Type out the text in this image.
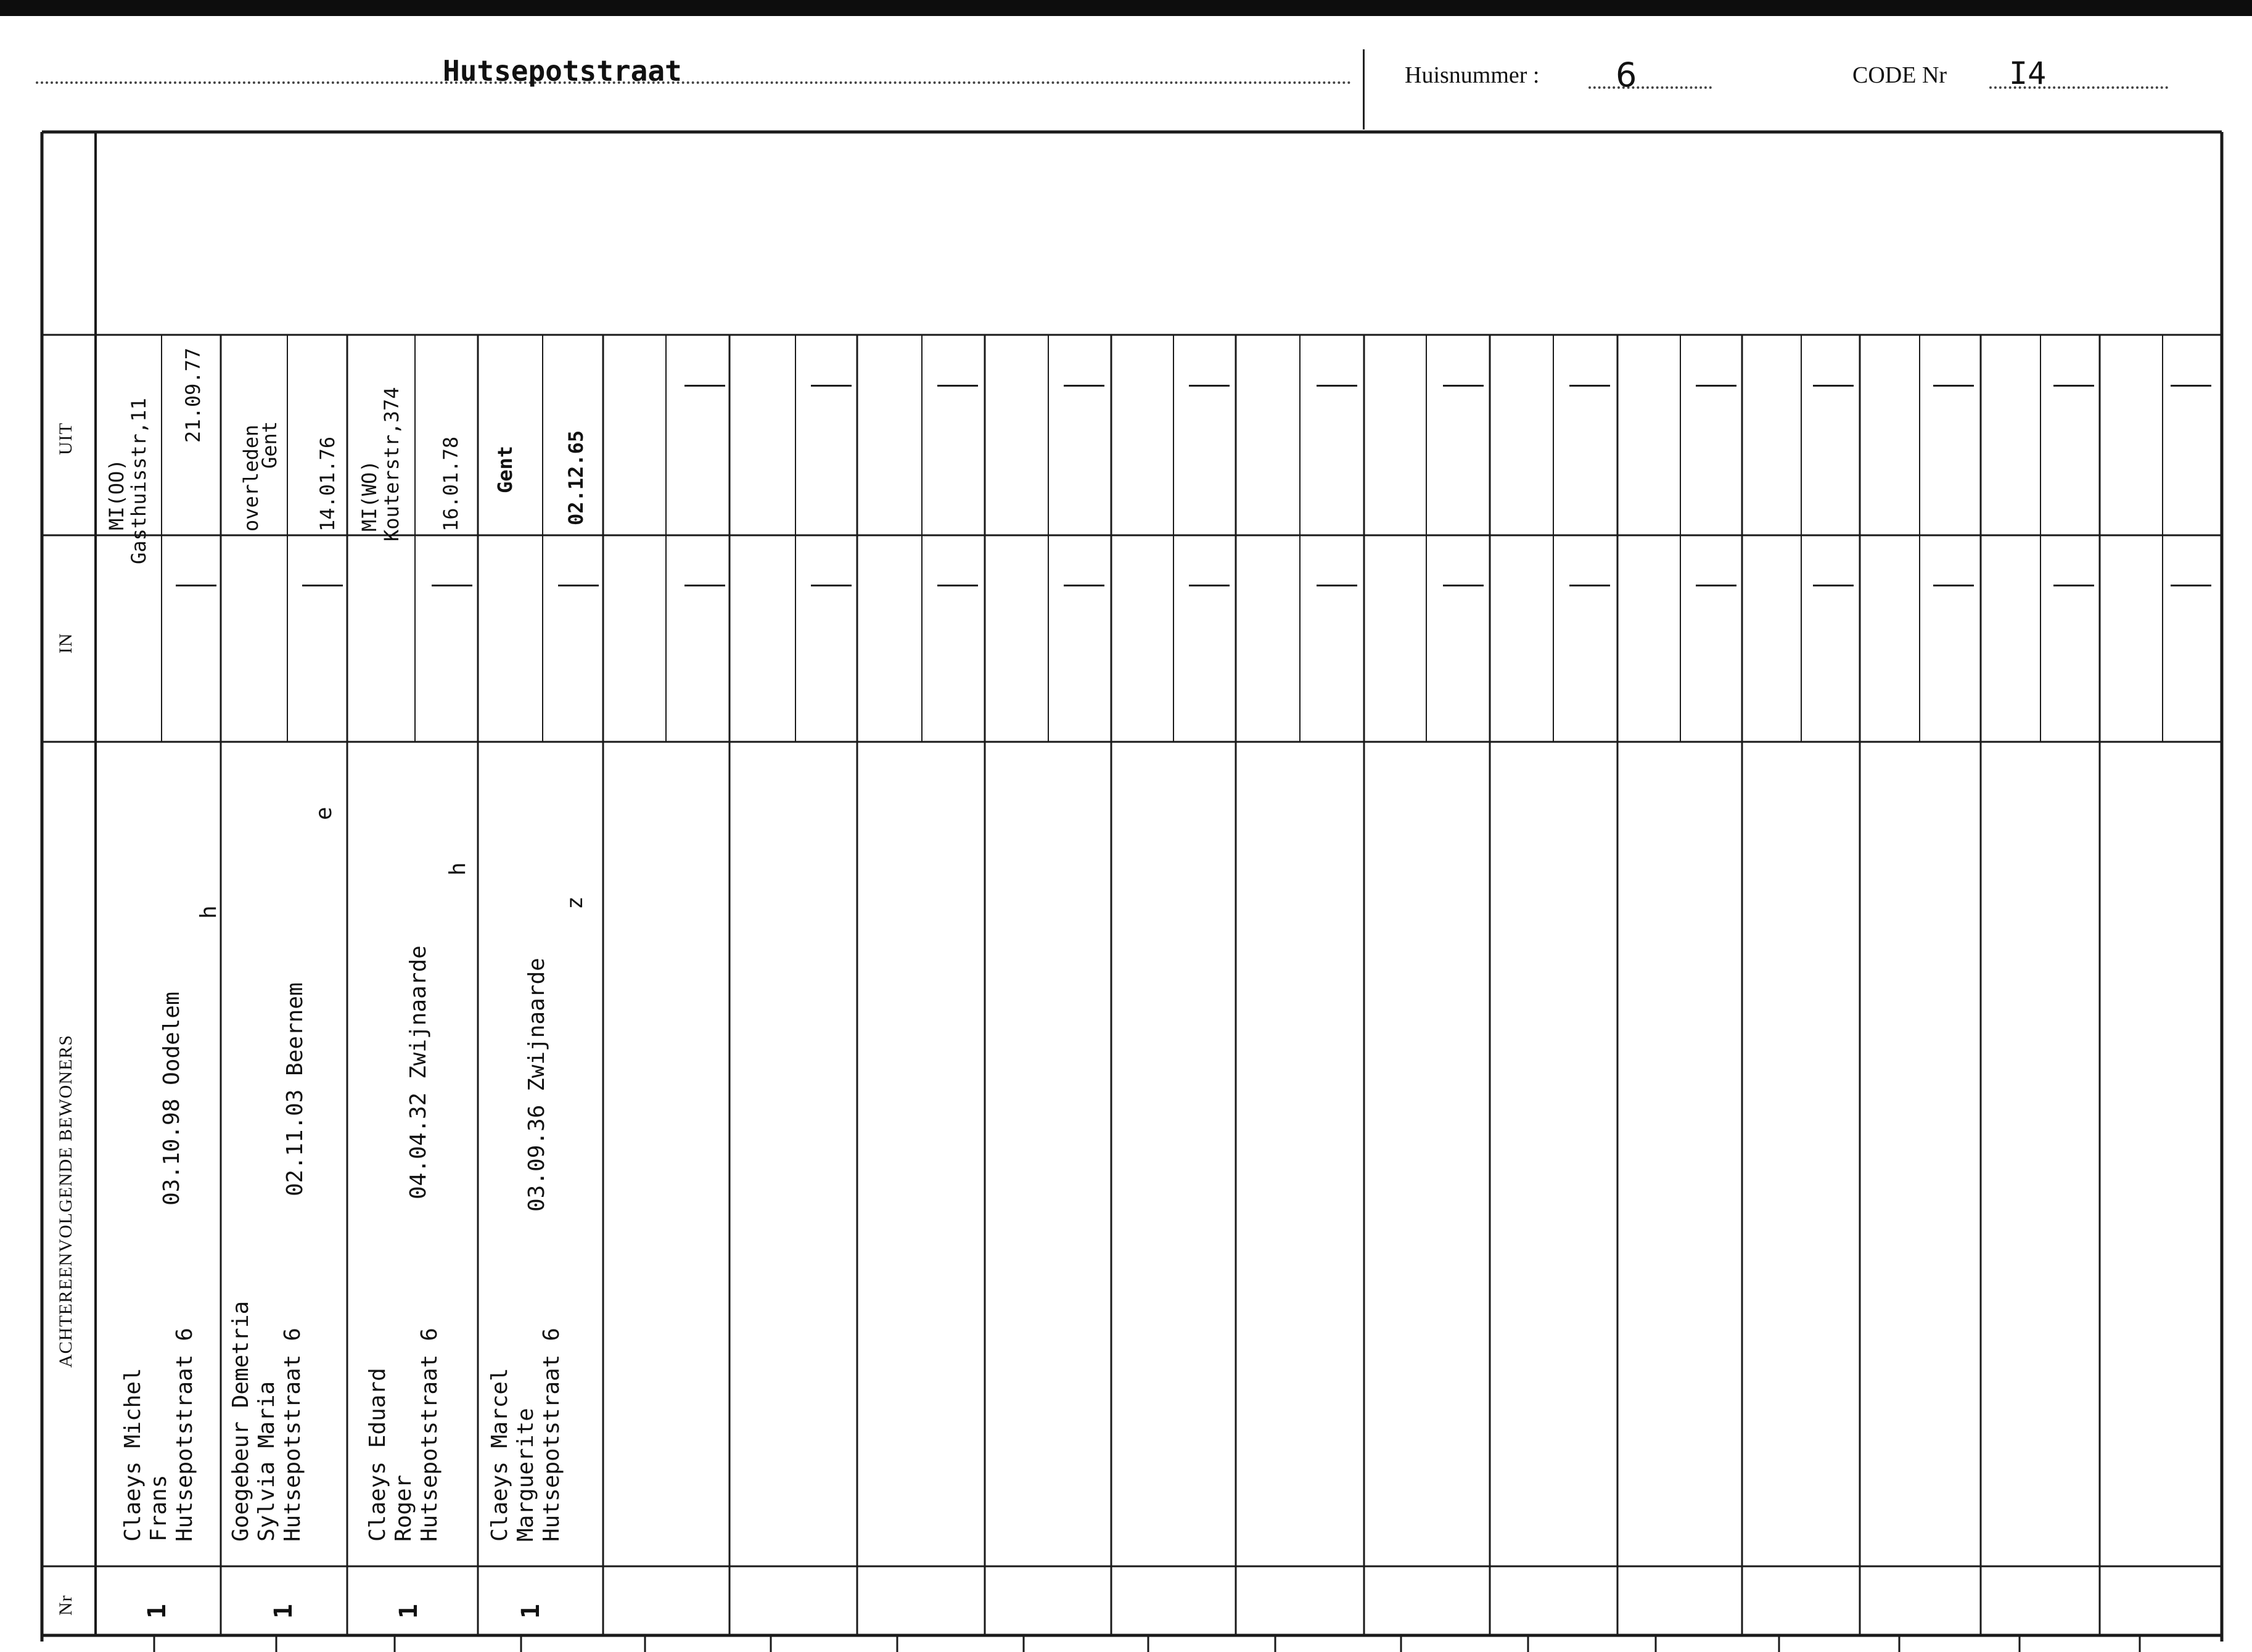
Hutsepotstraat	Huisnummer : 6	CODE Nr I4
UIT
IN
ACHTEREENVOLGENDE BEWONERS
Nr
Claeys Michel Frans Hutsepotstraat 6
03.10.98 Oodelem
h
MI(OO)
Gasthuisstr,11
21.09.77
1
Goegebeur Demetria Sylvia Maria Hutsepotstraat 6
02.11.03 Beernem
e
overleden
Gent 14.01.76
1
Claeys Eduard Roger Hutsepotstraat 6
04.04.32 Zwijnaarde
h
MI(WO)
Kouterstr,374 16.01.78
1
Claeys Marcel Marguerite Hutsepotstraat 6
03.09.36 Zwijnaarde
z
Gent 02.12.65
1
